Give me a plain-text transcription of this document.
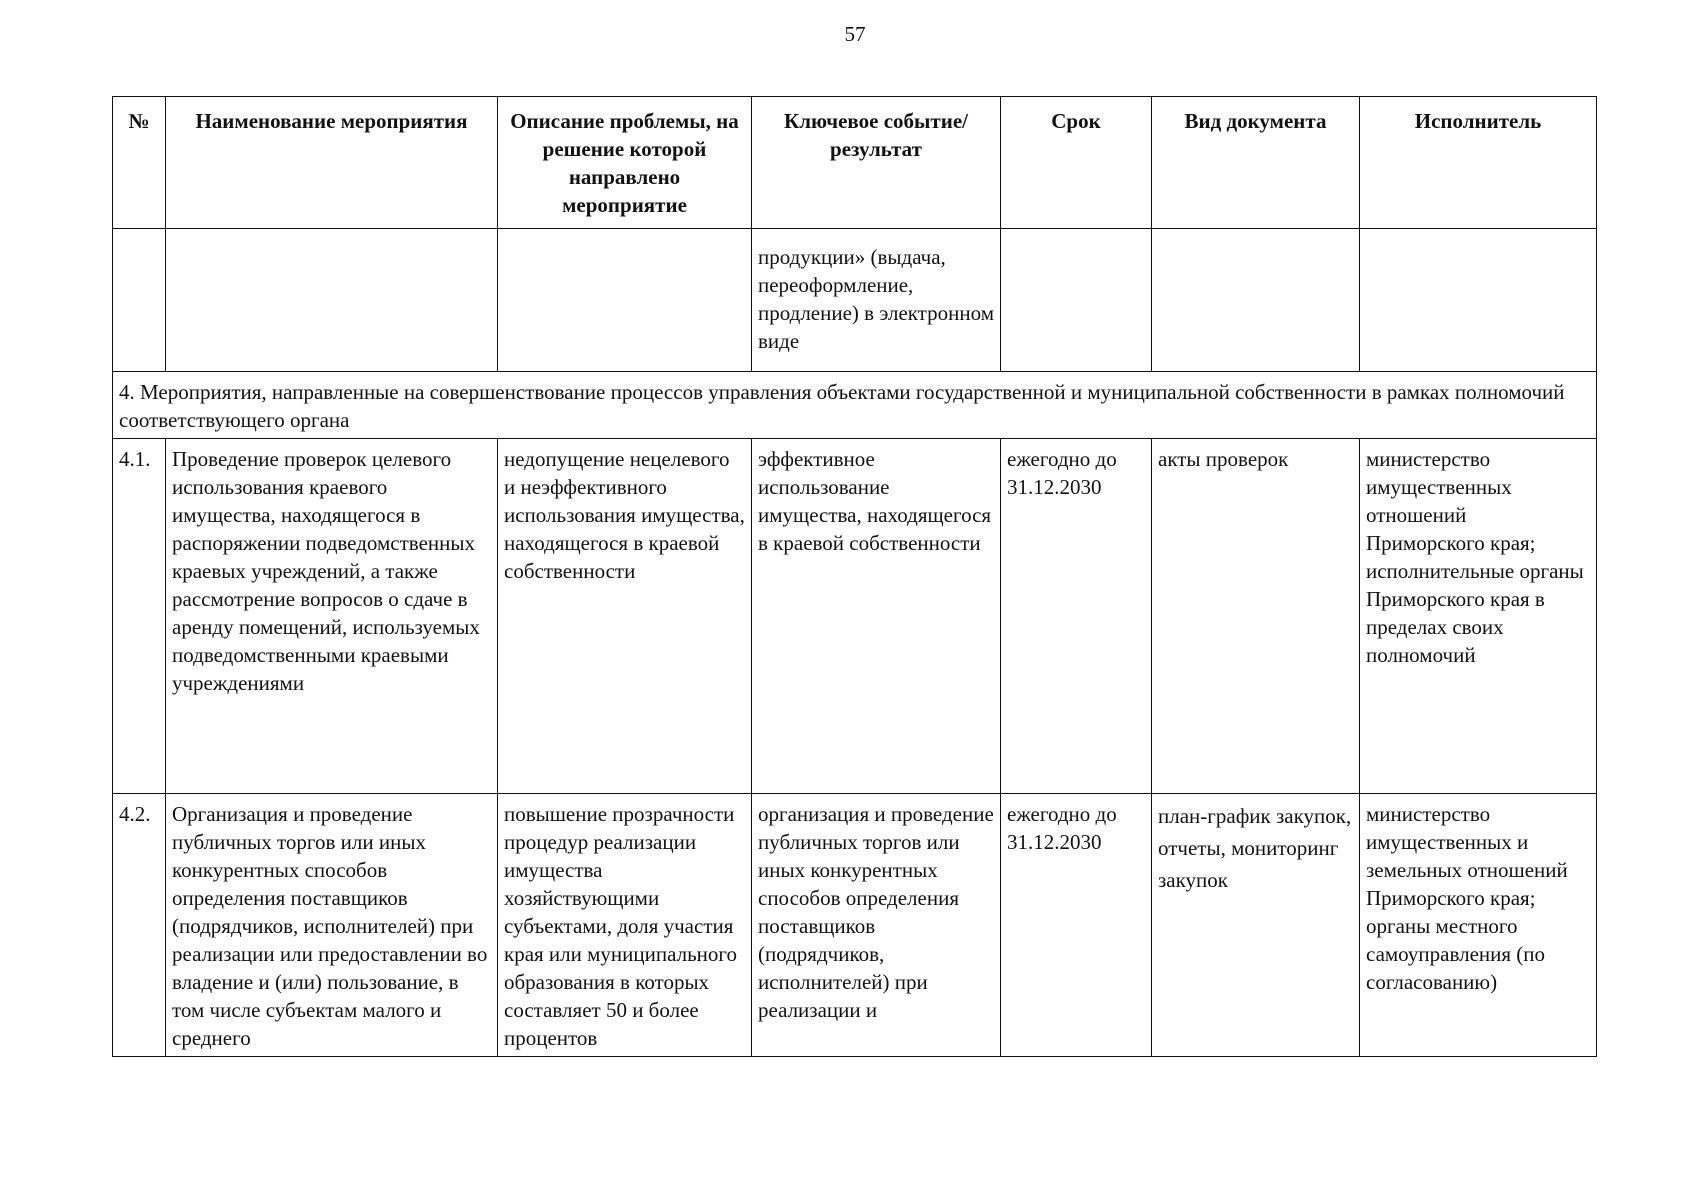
57
№	Наименование мероприятия	Описание проблемы, на решение которой направлено мероприятие	Ключевое событие/результат	Срок	Вид документа	Исполнитель
			продукции» (выдача, переоформление, продление) в электронном виде			
4. Мероприятия, направленные на совершенствование процессов управления объектами государственной и муниципальной собственности в рамках полномочий соответствующего органа						
4.1.	Проведение проверок целевого использования краевого имущества, находящегося в распоряжении подведомственных краевых учреждений, а также рассмотрение вопросов о сдаче в аренду помещений, используемых подведомственными краевыми учреждениями	недопущение нецелевого и неэффективного использования имущества, находящегося в краевой собственности	эффективное использование имущества, находящегося в краевой собственности	ежегодно до 31.12.2030	акты проверок	министерство имущественных отношений Приморского края; исполнительные органы Приморского края в пределах своих полномочий
4.2.	Организация и проведение публичных торгов или иных конкурентных способов определения поставщиков (подрядчиков, исполнителей) при реализации или предоставлении во владение и (или) пользование, в том числе субъектам малого и среднего	повышение прозрачности процедур реализации имущества хозяйствующими субъектами, доля участия края или муниципального образования в которых составляет 50 и более процентов	организация и проведение публичных торгов или иных конкурентных способов определения поставщиков (подрядчиков, исполнителей) при реализации и	ежегодно до 31.12.2030	план-график закупок, отчеты, мониторинг закупок	министерство имущественных и земельных отношений Приморского края; органы местного самоуправления (по согласованию)
